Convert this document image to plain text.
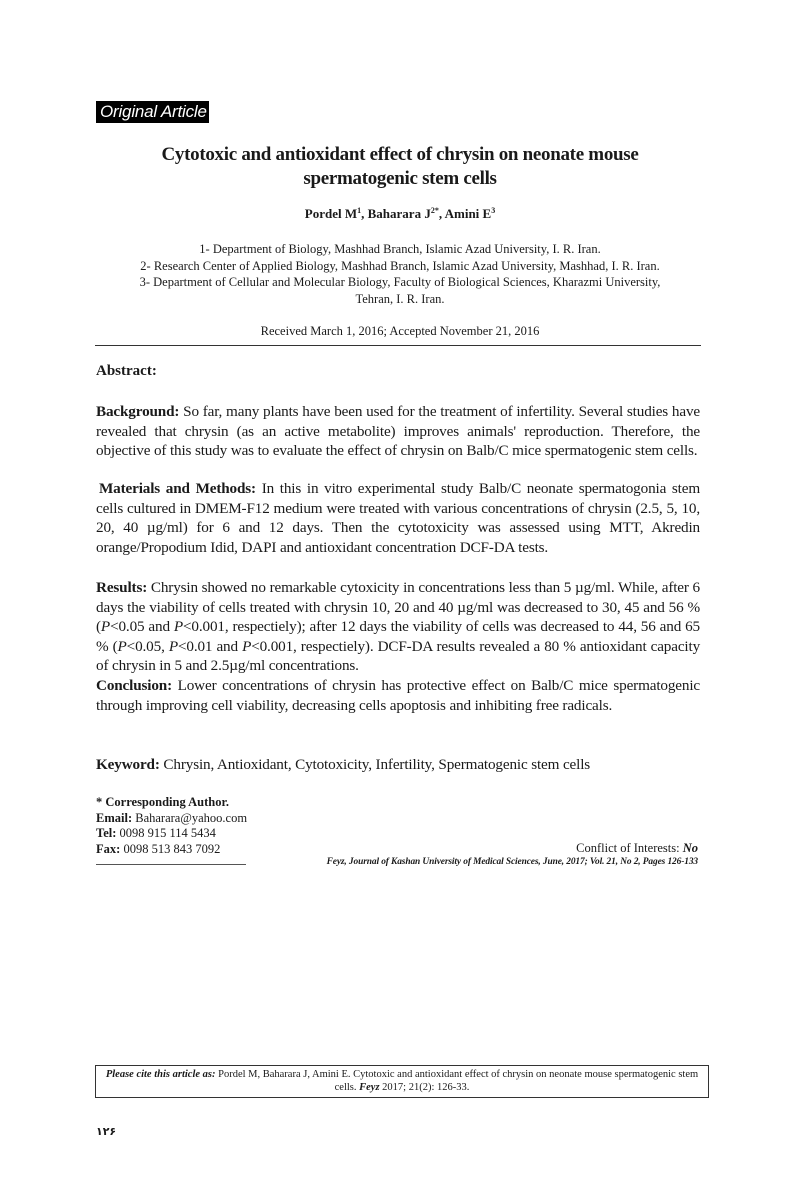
Original Article
Cytotoxic and antioxidant effect of chrysin on neonate mouse
spermatogenic stem cells
Pordel $M^1$, Baharara $J^{2*}$, Amini $E^3$
1- Department of Biology, Mashhad Branch, Islamic Azad University, I. R. Iran.
2- Research Center of Applied Biology, Mashhad Branch, Islamic Azad University, Mashhad, I. R. Iran.
3- Department of Cellular and Molecular Biology, Faculty of Biological Sciences, Kharazmi University,
Tehran, I. R. Iran.
Received March 1, 2016; Accepted November 21, 2016
Abstract:
Background: So far, many plants have been used for the treatment of infertility. Several studies have revealed that chrysin (as an active metabolite) improves animals' reproduction. Therefore, the objective of this study was to evaluate the effect of chrysin on Balb/C mice spermatogenic stem cells.
Materials and Methods: In this in vitro experimental study Balb/C neonate spermatogonia stem cells cultured in DMEM-F12 medium were treated with various concentrations of chrysin (2.5, 5, 10, 20, 40 µg/ml) for 6 and 12 days. Then the cytotoxicity was assessed using MTT, Akredin orange/Propodium Idid, DAPI and antioxidant concentration DCF-DA tests.
Results: Chrysin showed no remarkable cytoxicity in concentrations less than 5 µg/ml. While, after 6 days the viability of cells treated with chrysin 10, 20 and 40 µg/ml was decreased to 30, 45 and 56 % (P<0.05 and P<0.001, respectiely); after 12 days the viability of cells was decreased to 44, 56 and 65 % (P<0.05, P<0.01 and P<0.001, respectiely). DCF-DA results revealed a 80 % antioxidant capacity of chrysin in 5 and 2.5µg/ml concentrations.
Conclusion: Lower concentrations of chrysin has protective effect on Balb/C mice spermatogenic through improving cell viability, decreasing cells apoptosis and inhibiting free radicals.
Keyword: Chrysin, Antioxidant, Cytotoxicity, Infertility, Spermatogenic stem cells
* Corresponding Author.
Email: Baharara@yahoo.com
Tel: 0098 915 114 5434
Fax: 0098 513 843 7092	Conflict of Interests: No
Feyz, Journal of Kashan University of Medical Sciences, June, 2017; Vol. 21, No 2, Pages 126-133
Please cite this article as: Pordel M, Baharara J, Amini E. Cytotoxic and antioxidant effect of chrysin on neonate mouse spermatogenic stem cells. Feyz 2017; 21(2): 126-33.
۱۲۶
